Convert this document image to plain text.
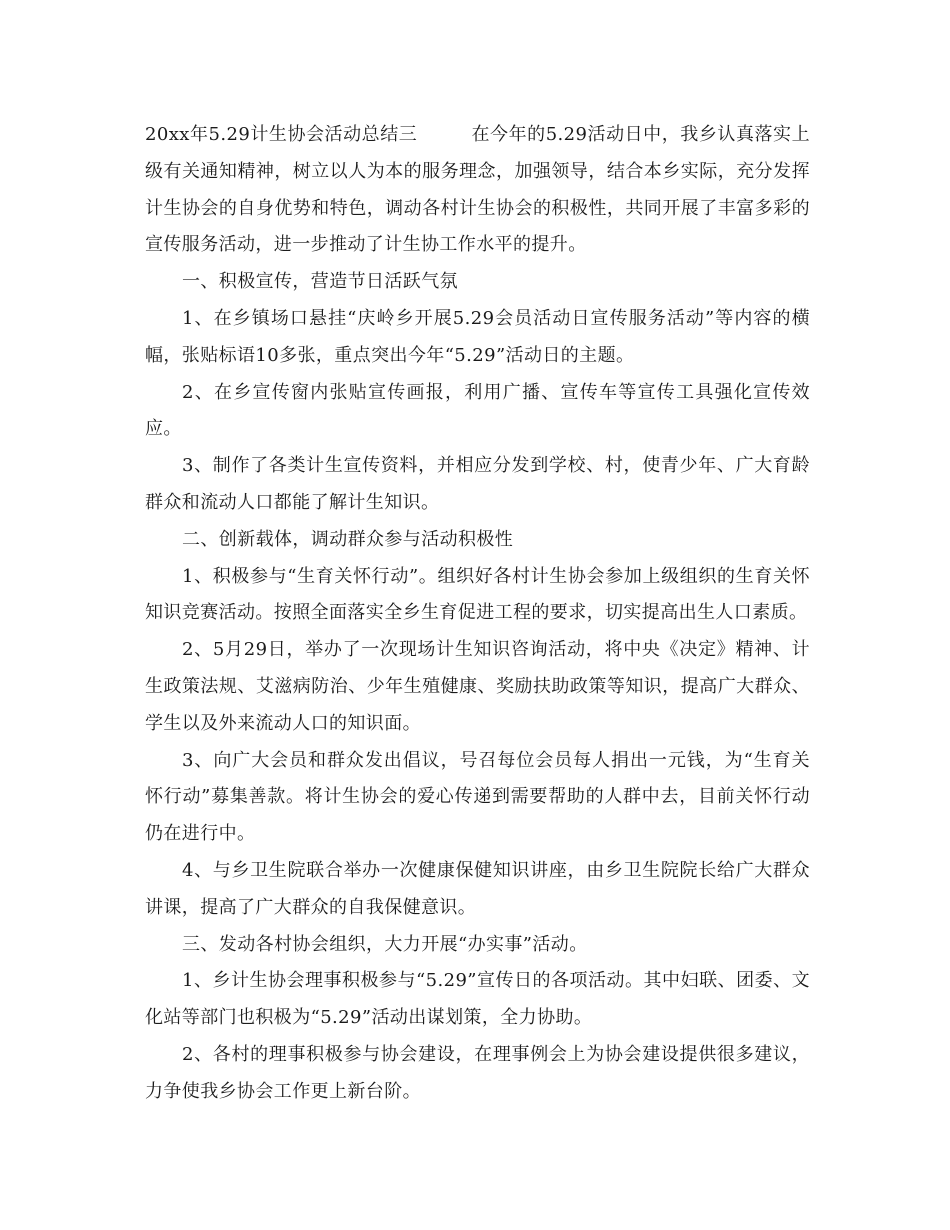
20xx年5.29计生协会活动总结三	在今年的5.29活动日中，我乡认真落实上级有关通知精神，树立以人为本的服务理念，加强领导，结合本乡实际，充分发挥计生协会的自身优势和特色，调动各村计生协会的积极性，共同开展了丰富多彩的宣传服务活动，进一步推动了计生协工作水平的提升。

一、积极宣传，营造节日活跃气氛

1、在乡镇场口悬挂“庆岭乡开展5.29会员活动日宣传服务活动”等内容的横幅，张贴标语10多张，重点突出今年“5.29”活动日的主题。

2、在乡宣传窗内张贴宣传画报，利用广播、宣传车等宣传工具强化宣传效应。

3、制作了各类计生宣传资料，并相应分发到学校、村，使青少年、广大育龄群众和流动人口都能了解计生知识。

二、创新载体，调动群众参与活动积极性

1、积极参与“生育关怀行动”。组织好各村计生协会参加上级组织的生育关怀知识竞赛活动。按照全面落实全乡生育促进工程的要求，切实提高出生人口素质。

2、5月29日，举办了一次现场计生知识咨询活动，将中央《决定》精神、计生政策法规、艾滋病防治、少年生殖健康、奖励扶助政策等知识，提高广大群众、学生以及外来流动人口的知识面。

3、向广大会员和群众发出倡议，号召每位会员每人捐出一元钱，为“生育关怀行动”募集善款。将计生协会的爱心传递到需要帮助的人群中去，目前关怀行动仍在进行中。

4、与乡卫生院联合举办一次健康保健知识讲座，由乡卫生院院长给广大群众讲课，提高了广大群众的自我保健意识。

三、发动各村协会组织，大力开展“办实事”活动。

1、乡计生协会理事积极参与“5.29”宣传日的各项活动。其中妇联、团委、文化站等部门也积极为“5.29”活动出谋划策，全力协助。

2、各村的理事积极参与协会建设，在理事例会上为协会建设提供很多建议，力争使我乡协会工作更上新台阶。
